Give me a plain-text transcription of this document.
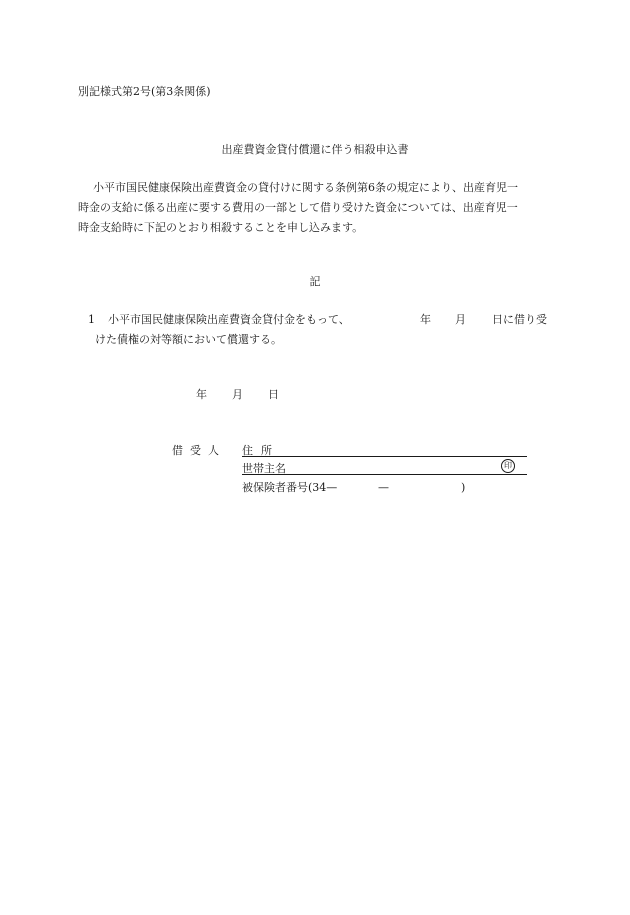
別記様式第2号(第3条関係)
出産費資金貸付償還に伴う相殺申込書
小平市国民健康保険出産費資金の貸付けに関する条例第6条の規定により、出産育児一
時金の支給に係る出産に要する費用の一部として借り受けた資金については、出産育児一
時金支給時に下記のとおり相殺することを申し込みます。
記
1 小平市国民健康保険出産費資金貸付金をもって、	年 月 日に借り受
けた債権の対等額において償還する。
年 月 日
借受人 住所
世帯主名	印
被保険者番号(34—	—	)
